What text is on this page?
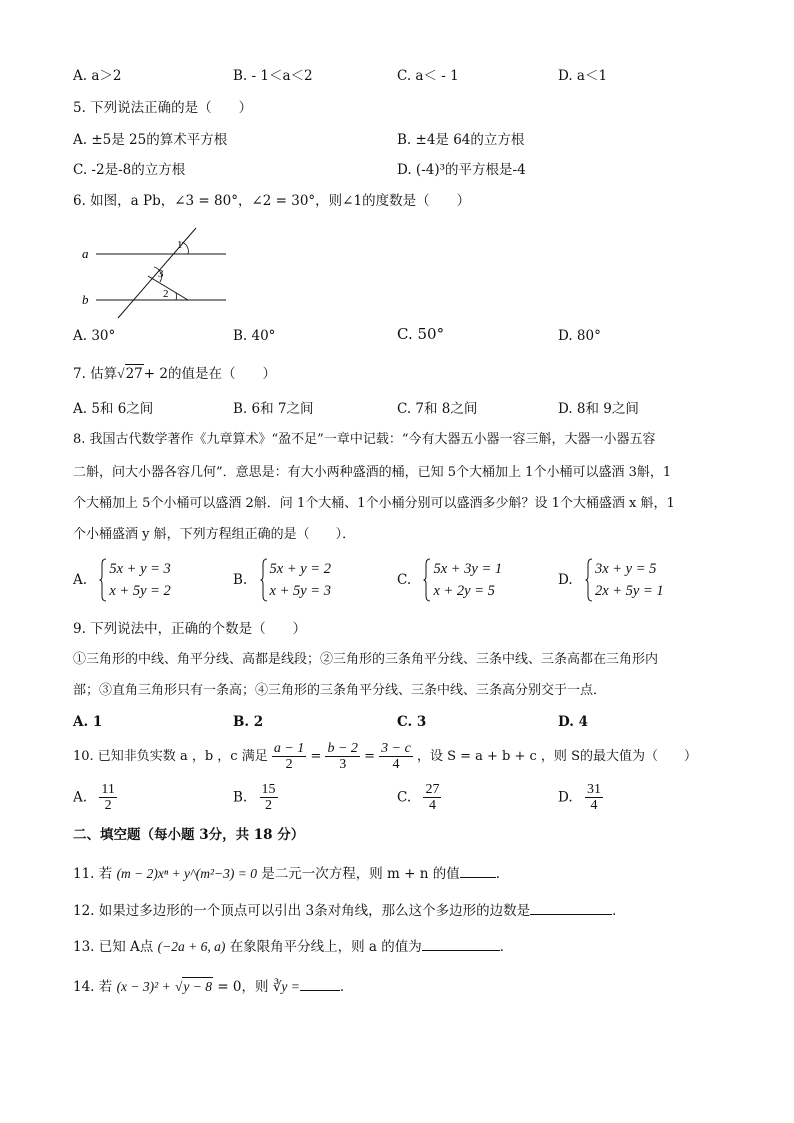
A. a＞2	B. - 1＜a＜2	C. a＜ - 1	D. a＜1
5. 下列说法正确的是（　　）
A. ±5是 25的算术平方根	B. ±4是 64的立方根
C. -2是-8的立方根	D. (-4)³的平方根是-4
6. 如图，a Pb，∠3 = 80°，∠2 = 30°，则∠1的度数是（　　）
a
b
1
3
2
A. 30°	B. 40°	C. 50°	D. 80°
7. 估算√27+ 2的值是在（　　）
A. 5和 6之间	B. 6和 7之间	C. 7和 8之间	D. 8和 9之间
8. 我国古代数学著作《九章算术》“盈不足”一章中记载：“今有大器五小器一容三斛，大器一小器五容
二斛，问大小器各容几何”．意思是：有大小两种盛酒的桶，已知 5个大桶加上 1个小桶可以盛酒 3斛，1
个大桶加上 5个小桶可以盛酒 2斛．问 1个大桶、1个小桶分别可以盛酒多少斛？设 1个大桶盛酒 x 斛，1
个小桶盛酒 y 斛，下列方程组正确的是（　　）．
A.
5x + y = 3
x + 5y = 2
B.
5x + y = 2
x + 5y = 3
C.
5x + 3y = 1
x + 2y = 5
D.
3x + y = 5
2x + 5y = 1
9. 下列说法中，正确的个数是（　　）
①三角形的中线、角平分线、高都是线段；②三角形的三条角平分线、三条中线、三条高都在三角形内
部；③直角三角形只有一条高；④三角形的三条角平分线、三条中线、三条高分别交于一点．
A. 1	B. 2	C. 3	D. 4
10. 已知非负实数 a ，b ，c 满足 $\frac{a - 1}{2} = \frac{b - 2}{3} = \frac{3 - c}{4}$ ，设 S = a + b + c ，则 S的最大值为（　　）
A. $\frac{11}{2}$	B. $\frac{15}{2}$	C. $\frac{27}{4}$	D. $\frac{31}{4}$
二、填空题（每小题 3分，共 18 分）
11. 若 (m − 2)xⁿ + y^(m²−3) = 0 是二元一次方程，则 m + n 的值	．
12. 如果过多边形的一个顶点可以引出 3条对角线，那么这个多边形的边数是	．
13. 已知 A点 (−2a + 6, a) 在象限角平分线上，则 a 的值为	．
14. 若 (x − 3)² + √y − 8 = 0，则 ∛y =	．
